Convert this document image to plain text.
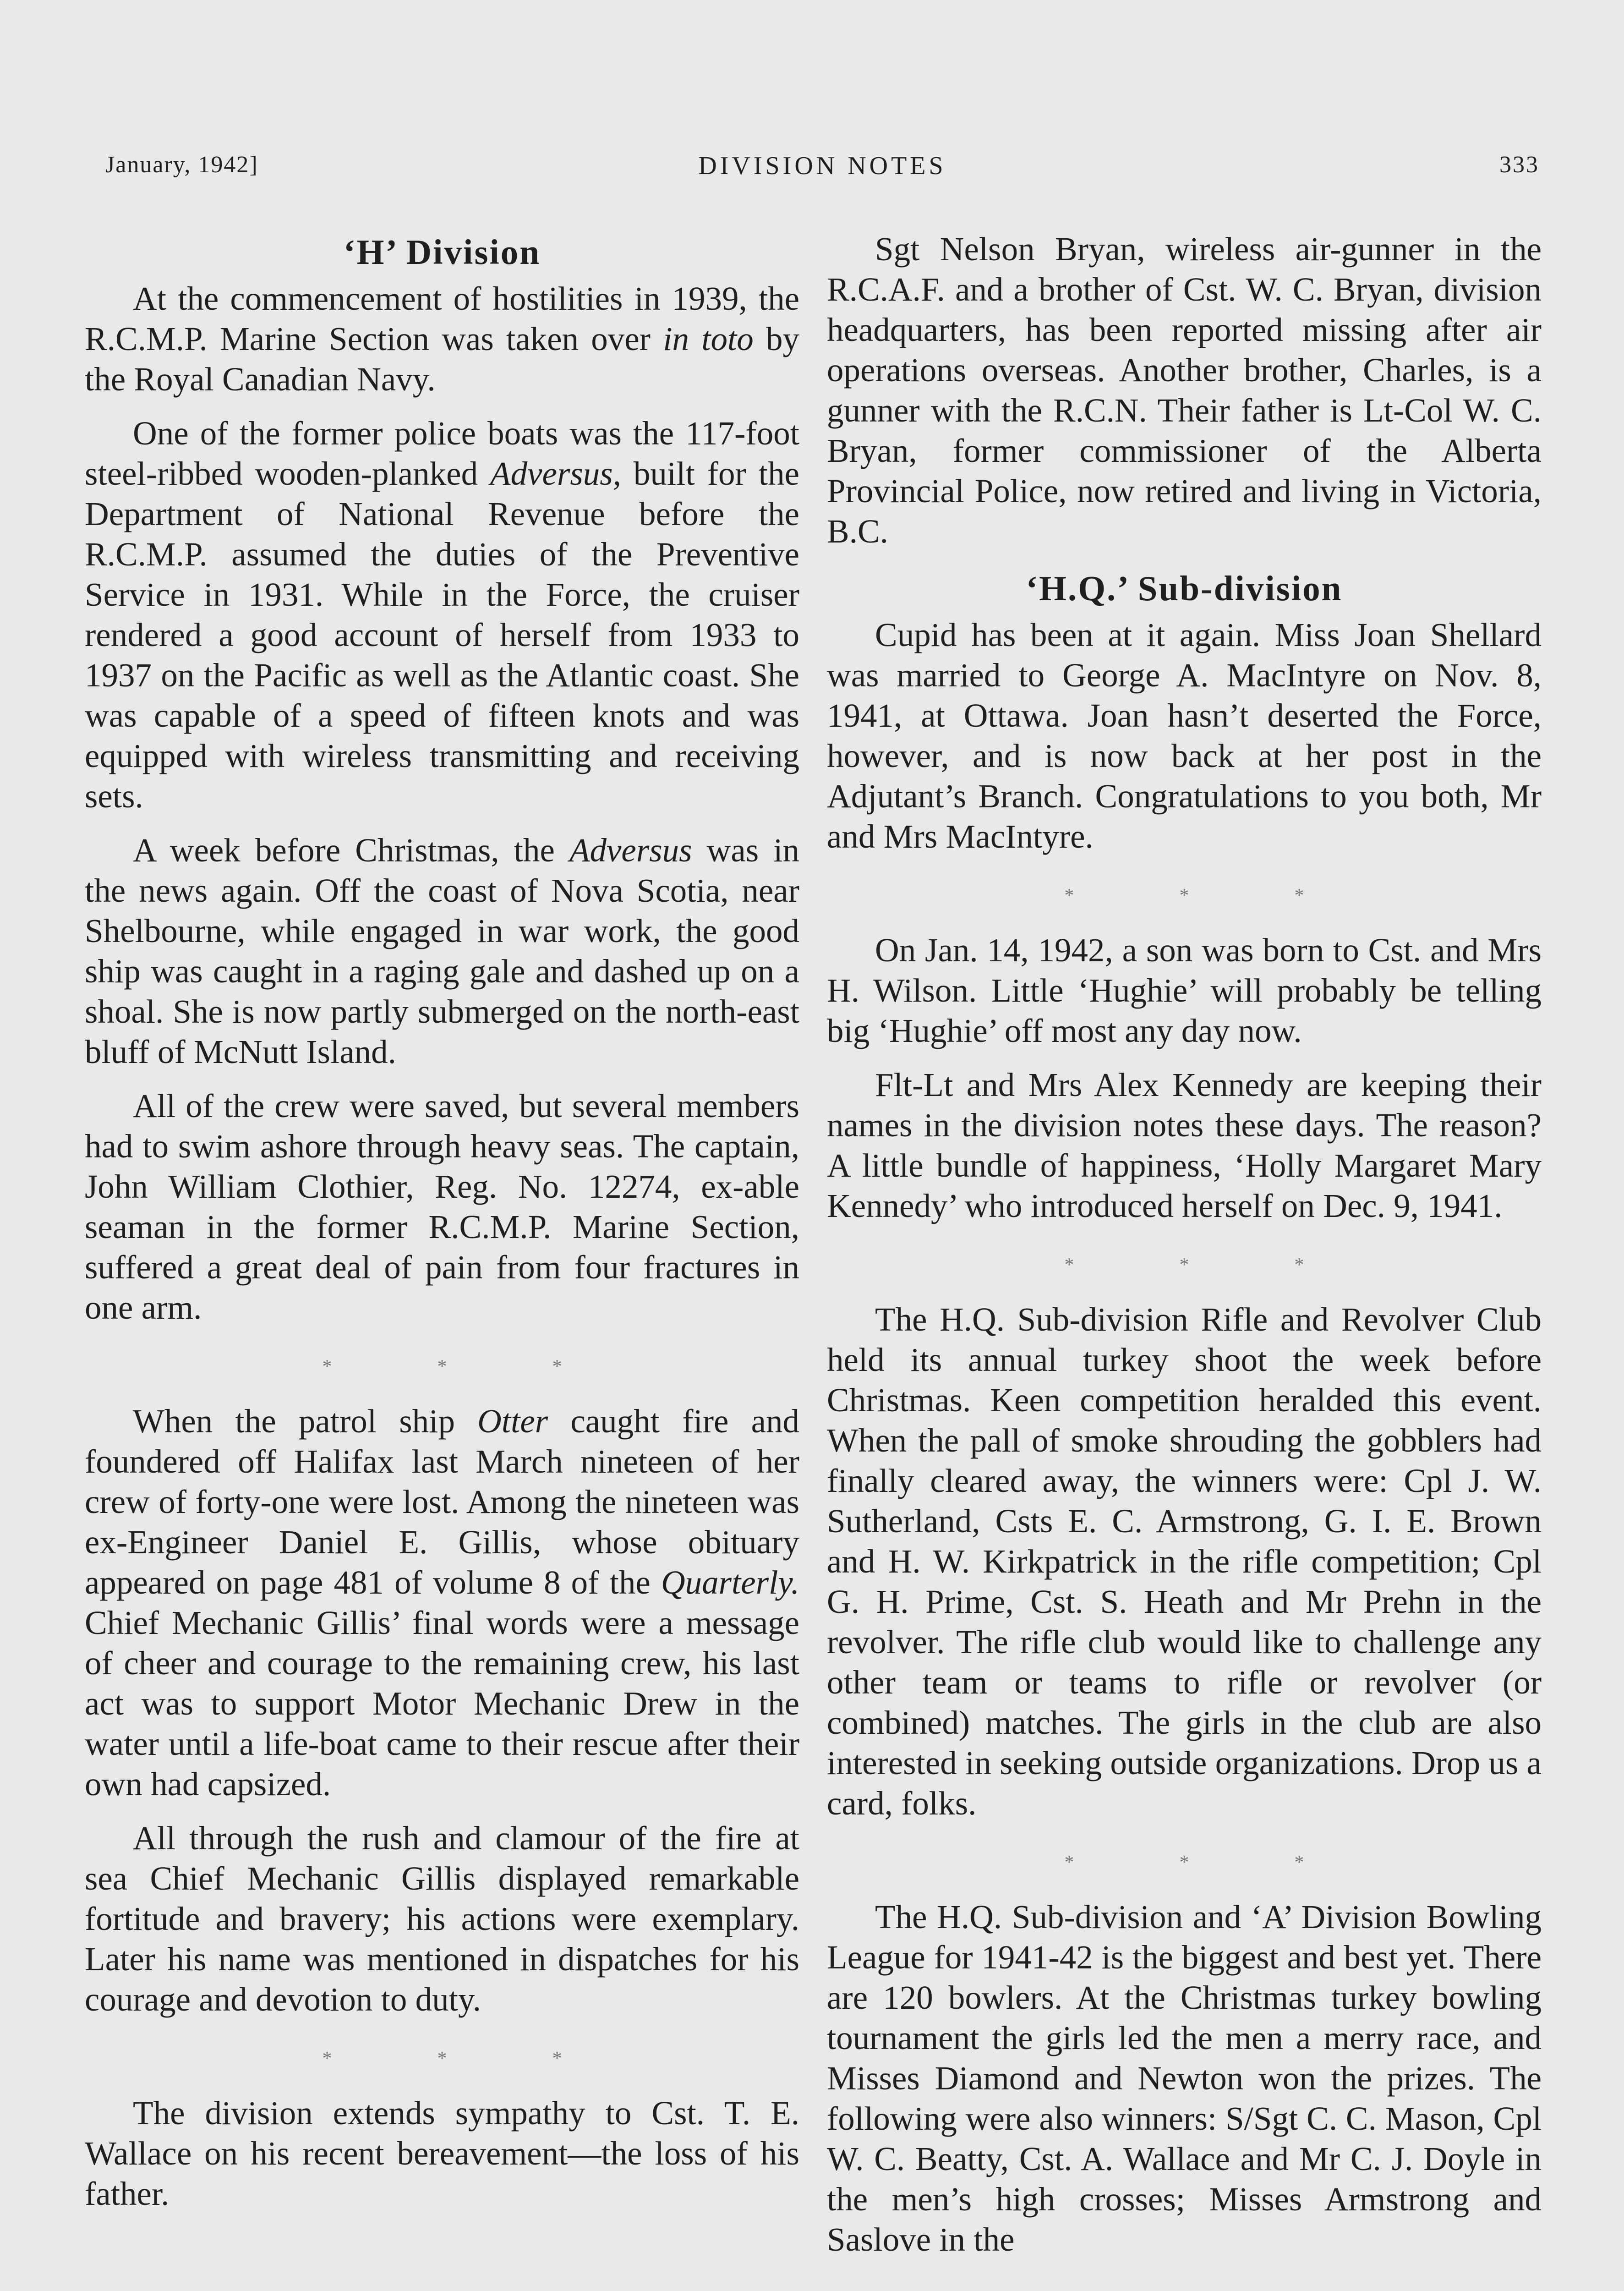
January, 1942]	DIVISION NOTES	333
‘H’ Division

At the commencement of hostilities in 1939, the R.C.M.P. Marine Section was taken over in toto by the Royal Canadian Navy.

One of the former police boats was the 117-foot steel-ribbed wooden-planked Adversus, built for the Department of National Revenue before the R.C.M.P. assumed the duties of the Preventive Service in 1931. While in the Force, the cruiser rendered a good account of herself from 1933 to 1937 on the Pacific as well as the Atlantic coast. She was capable of a speed of fifteen knots and was equipped with wireless transmitting and receiving sets.

A week before Christmas, the Adversus was in the news again. Off the coast of Nova Scotia, near Shelbourne, while engaged in war work, the good ship was caught in a raging gale and dashed up on a shoal. She is now partly submerged on the north-east bluff of McNutt Island.

All of the crew were saved, but several members had to swim ashore through heavy seas. The captain, John William Clothier, Reg. No. 12274, ex-able seaman in the former R.C.M.P. Marine Section, suffered a great deal of pain from four fractures in one arm.

*	*	*

When the patrol ship Otter caught fire and foundered off Halifax last March nineteen of her crew of forty-one were lost. Among the nineteen was ex-Engineer Daniel E. Gillis, whose obituary appeared on page 481 of volume 8 of the Quarterly. Chief Mechanic Gillis’ final words were a message of cheer and courage to the remaining crew, his last act was to support Motor Mechanic Drew in the water until a life-boat came to their rescue after their own had capsized.

All through the rush and clamour of the fire at sea Chief Mechanic Gillis displayed remarkable fortitude and bravery; his actions were exemplary. Later his name was mentioned in dispatches for his courage and devotion to duty.

*	*	*

The division extends sympathy to Cst. T. E. Wallace on his recent bereavement—the loss of his father.

Sgt Nelson Bryan, wireless air-gunner in the R.C.A.F. and a brother of Cst. W. C. Bryan, division headquarters, has been reported missing after air operations overseas. Another brother, Charles, is a gunner with the R.C.N. Their father is Lt-Col W. C. Bryan, former commissioner of the Alberta Provincial Police, now retired and living in Victoria, B.C.

‘H.Q.’ Sub-division

Cupid has been at it again. Miss Joan Shellard was married to George A. MacIntyre on Nov. 8, 1941, at Ottawa. Joan hasn’t deserted the Force, however, and is now back at her post in the Adjutant’s Branch. Congratulations to you both, Mr and Mrs MacIntyre.

*	*	*

On Jan. 14, 1942, a son was born to Cst. and Mrs H. Wilson. Little ‘Hughie’ will probably be telling big ‘Hughie’ off most any day now.

Flt-Lt and Mrs Alex Kennedy are keeping their names in the division notes these days. The reason? A little bundle of happiness, ‘Holly Margaret Mary Kennedy’ who introduced herself on Dec. 9, 1941.

*	*	*

The H.Q. Sub-division Rifle and Revolver Club held its annual turkey shoot the week before Christmas. Keen competition heralded this event. When the pall of smoke shrouding the gobblers had finally cleared away, the winners were: Cpl J. W. Sutherland, Csts E. C. Armstrong, G. I. E. Brown and H. W. Kirkpatrick in the rifle competition; Cpl G. H. Prime, Cst. S. Heath and Mr Prehn in the revolver. The rifle club would like to challenge any other team or teams to rifle or revolver (or combined) matches. The girls in the club are also interested in seeking outside organizations. Drop us a card, folks.

*	*	*

The H.Q. Sub-division and ‘A’ Division Bowling League for 1941-42 is the biggest and best yet. There are 120 bowlers. At the Christmas turkey bowling tournament the girls led the men a merry race, and Misses Diamond and Newton won the prizes. The following were also winners: S/Sgt C. C. Mason, Cpl W. C. Beatty, Cst. A. Wallace and Mr C. J. Doyle in the men’s high crosses; Misses Armstrong and Saslove in the
